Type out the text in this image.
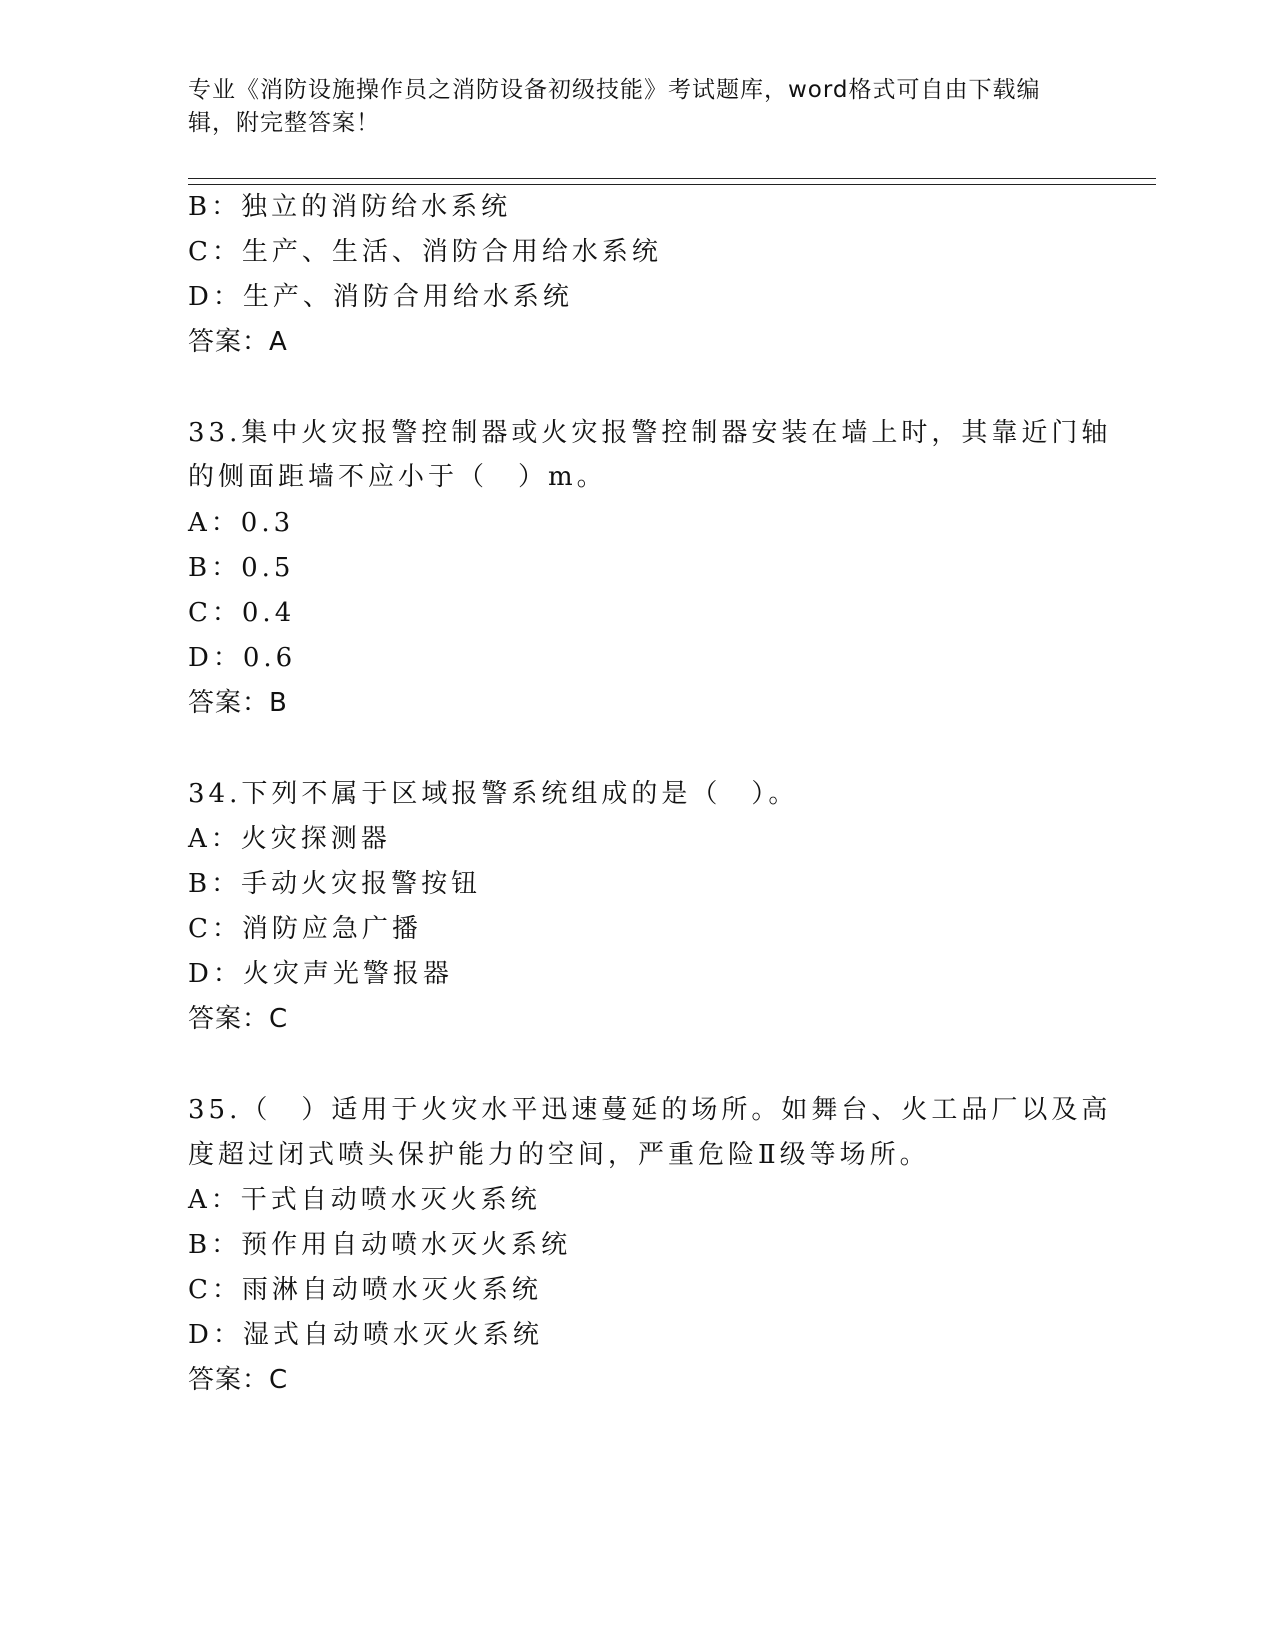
专业《消防设施操作员之消防设备初级技能》考试题库，word格式可自由下载编辑，附完整答案！
B：独立的消防给水系统
C：生产、生活、消防合用给水系统
D：生产、消防合用给水系统
答案：A
33.集中火灾报警控制器或火灾报警控制器安装在墙上时，其靠近门轴
的侧面距墙不应小于（　）m。
A：0.3
B：0.5
C：0.4
D：0.6
答案：B
34.下列不属于区域报警系统组成的是（　）。
A：火灾探测器
B：手动火灾报警按钮
C：消防应急广播
D：火灾声光警报器
答案：C
35.（　）适用于火灾水平迅速蔓延的场所。如舞台、火工品厂以及高
度超过闭式喷头保护能力的空间，严重危险Ⅱ级等场所。
A：干式自动喷水灭火系统
B：预作用自动喷水灭火系统
C：雨淋自动喷水灭火系统
D：湿式自动喷水灭火系统
答案：C
